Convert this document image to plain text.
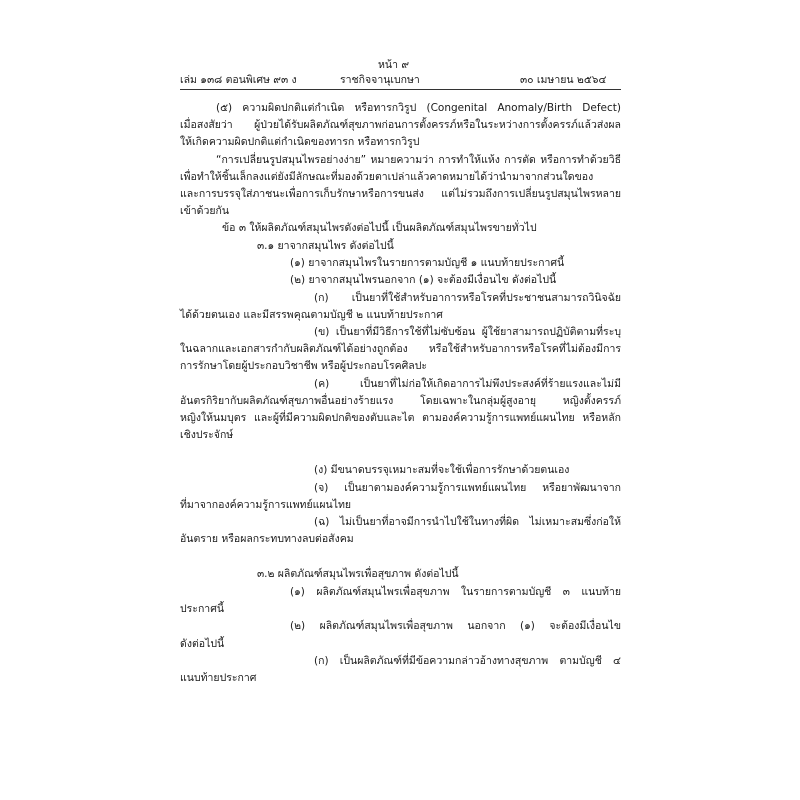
หน้า ๙
เล่ม ๑๓๘ ตอนพิเศษ ๙๓ ง	ราชกิจจานุเบกษา	๓๐ เมษายน ๒๕๖๔
(๕) ความผิดปกติแต่กำเนิด หรือทารกวิรูป (Congenital Anomaly/Birth Defect)
เมื่อสงสัยว่า ผู้ป่วยได้รับผลิตภัณฑ์สุขภาพก่อนการตั้งครรภ์หรือในระหว่างการตั้งครรภ์แล้วส่งผล
ให้เกิดความผิดปกติแต่กำเนิดของทารก หรือทารกวิรูป
“การเปลี่ยนรูปสมุนไพรอย่างง่าย” หมายความว่า การทำให้แห้ง การตัด หรือการทำด้วยวิธี
เพื่อทำให้ชิ้นเล็กลงแต่ยังมีลักษณะที่มองด้วยตาเปล่าแล้วคาดหมายได้ว่านำมาจากส่วนใดของ
และการบรรจุใส่ภาชนะเพื่อการเก็บรักษาหรือการขนส่ง แต่ไม่รวมถึงการเปลี่ยนรูปสมุนไพรหลาย
เข้าด้วยกัน
ข้อ ๓ ให้ผลิตภัณฑ์สมุนไพรดังต่อไปนี้ เป็นผลิตภัณฑ์สมุนไพรขายทั่วไป
๓.๑ ยาจากสมุนไพร ดังต่อไปนี้
(๑) ยาจากสมุนไพรในรายการตามบัญชี ๑ แนบท้ายประกาศนี้
(๒) ยาจากสมุนไพรนอกจาก (๑) จะต้องมีเงื่อนไข ดังต่อไปนี้
(ก) เป็นยาที่ใช้สำหรับอาการหรือโรคที่ประชาชนสามารถวินิจฉัย
ได้ด้วยตนเอง และมีสรรพคุณตามบัญชี ๒ แนบท้ายประกาศ
(ข) เป็นยาที่มีวิธีการใช้ที่ไม่ซับซ้อน ผู้ใช้ยาสามารถปฏิบัติตามที่ระบุ
ในฉลากและเอกสารกำกับผลิตภัณฑ์ได้อย่างถูกต้อง หรือใช้สำหรับอาการหรือโรคที่ไม่ต้องมีการ
การรักษาโดยผู้ประกอบวิชาชีพ หรือผู้ประกอบโรคศิลปะ
(ค) เป็นยาที่ไม่ก่อให้เกิดอาการไม่พึงประสงค์ที่ร้ายแรงและไม่มี
อันตรกิริยากับผลิตภัณฑ์สุขภาพอื่นอย่างร้ายแรง โดยเฉพาะในกลุ่มผู้สูงอายุ หญิงตั้งครรภ์
หญิงให้นมบุตร และผู้ที่มีความผิดปกติของตับและไต ตามองค์ความรู้การแพทย์แผนไทย หรือหลัก
เชิงประจักษ์
(ง) มีขนาดบรรจุเหมาะสมที่จะใช้เพื่อการรักษาด้วยตนเอง
(จ) เป็นยาตามองค์ความรู้การแพทย์แผนไทย หรือยาพัฒนาจาก
ที่มาจากองค์ความรู้การแพทย์แผนไทย
(ฉ) ไม่เป็นยาที่อาจมีการนำไปใช้ในทางที่ผิด ไม่เหมาะสมซึ่งก่อให้
อันตราย หรือผลกระทบทางลบต่อสังคม
๓.๒ ผลิตภัณฑ์สมุนไพรเพื่อสุขภาพ ดังต่อไปนี้
(๑) ผลิตภัณฑ์สมุนไพรเพื่อสุขภาพ ในรายการตามบัญชี ๓ แนบท้าย
ประกาศนี้
(๒) ผลิตภัณฑ์สมุนไพรเพื่อสุขภาพ นอกจาก (๑) จะต้องมีเงื่อนไข
ดังต่อไปนี้
(ก) เป็นผลิตภัณฑ์ที่มีข้อความกล่าวอ้างทางสุขภาพ ตามบัญชี ๔
แนบท้ายประกาศ
